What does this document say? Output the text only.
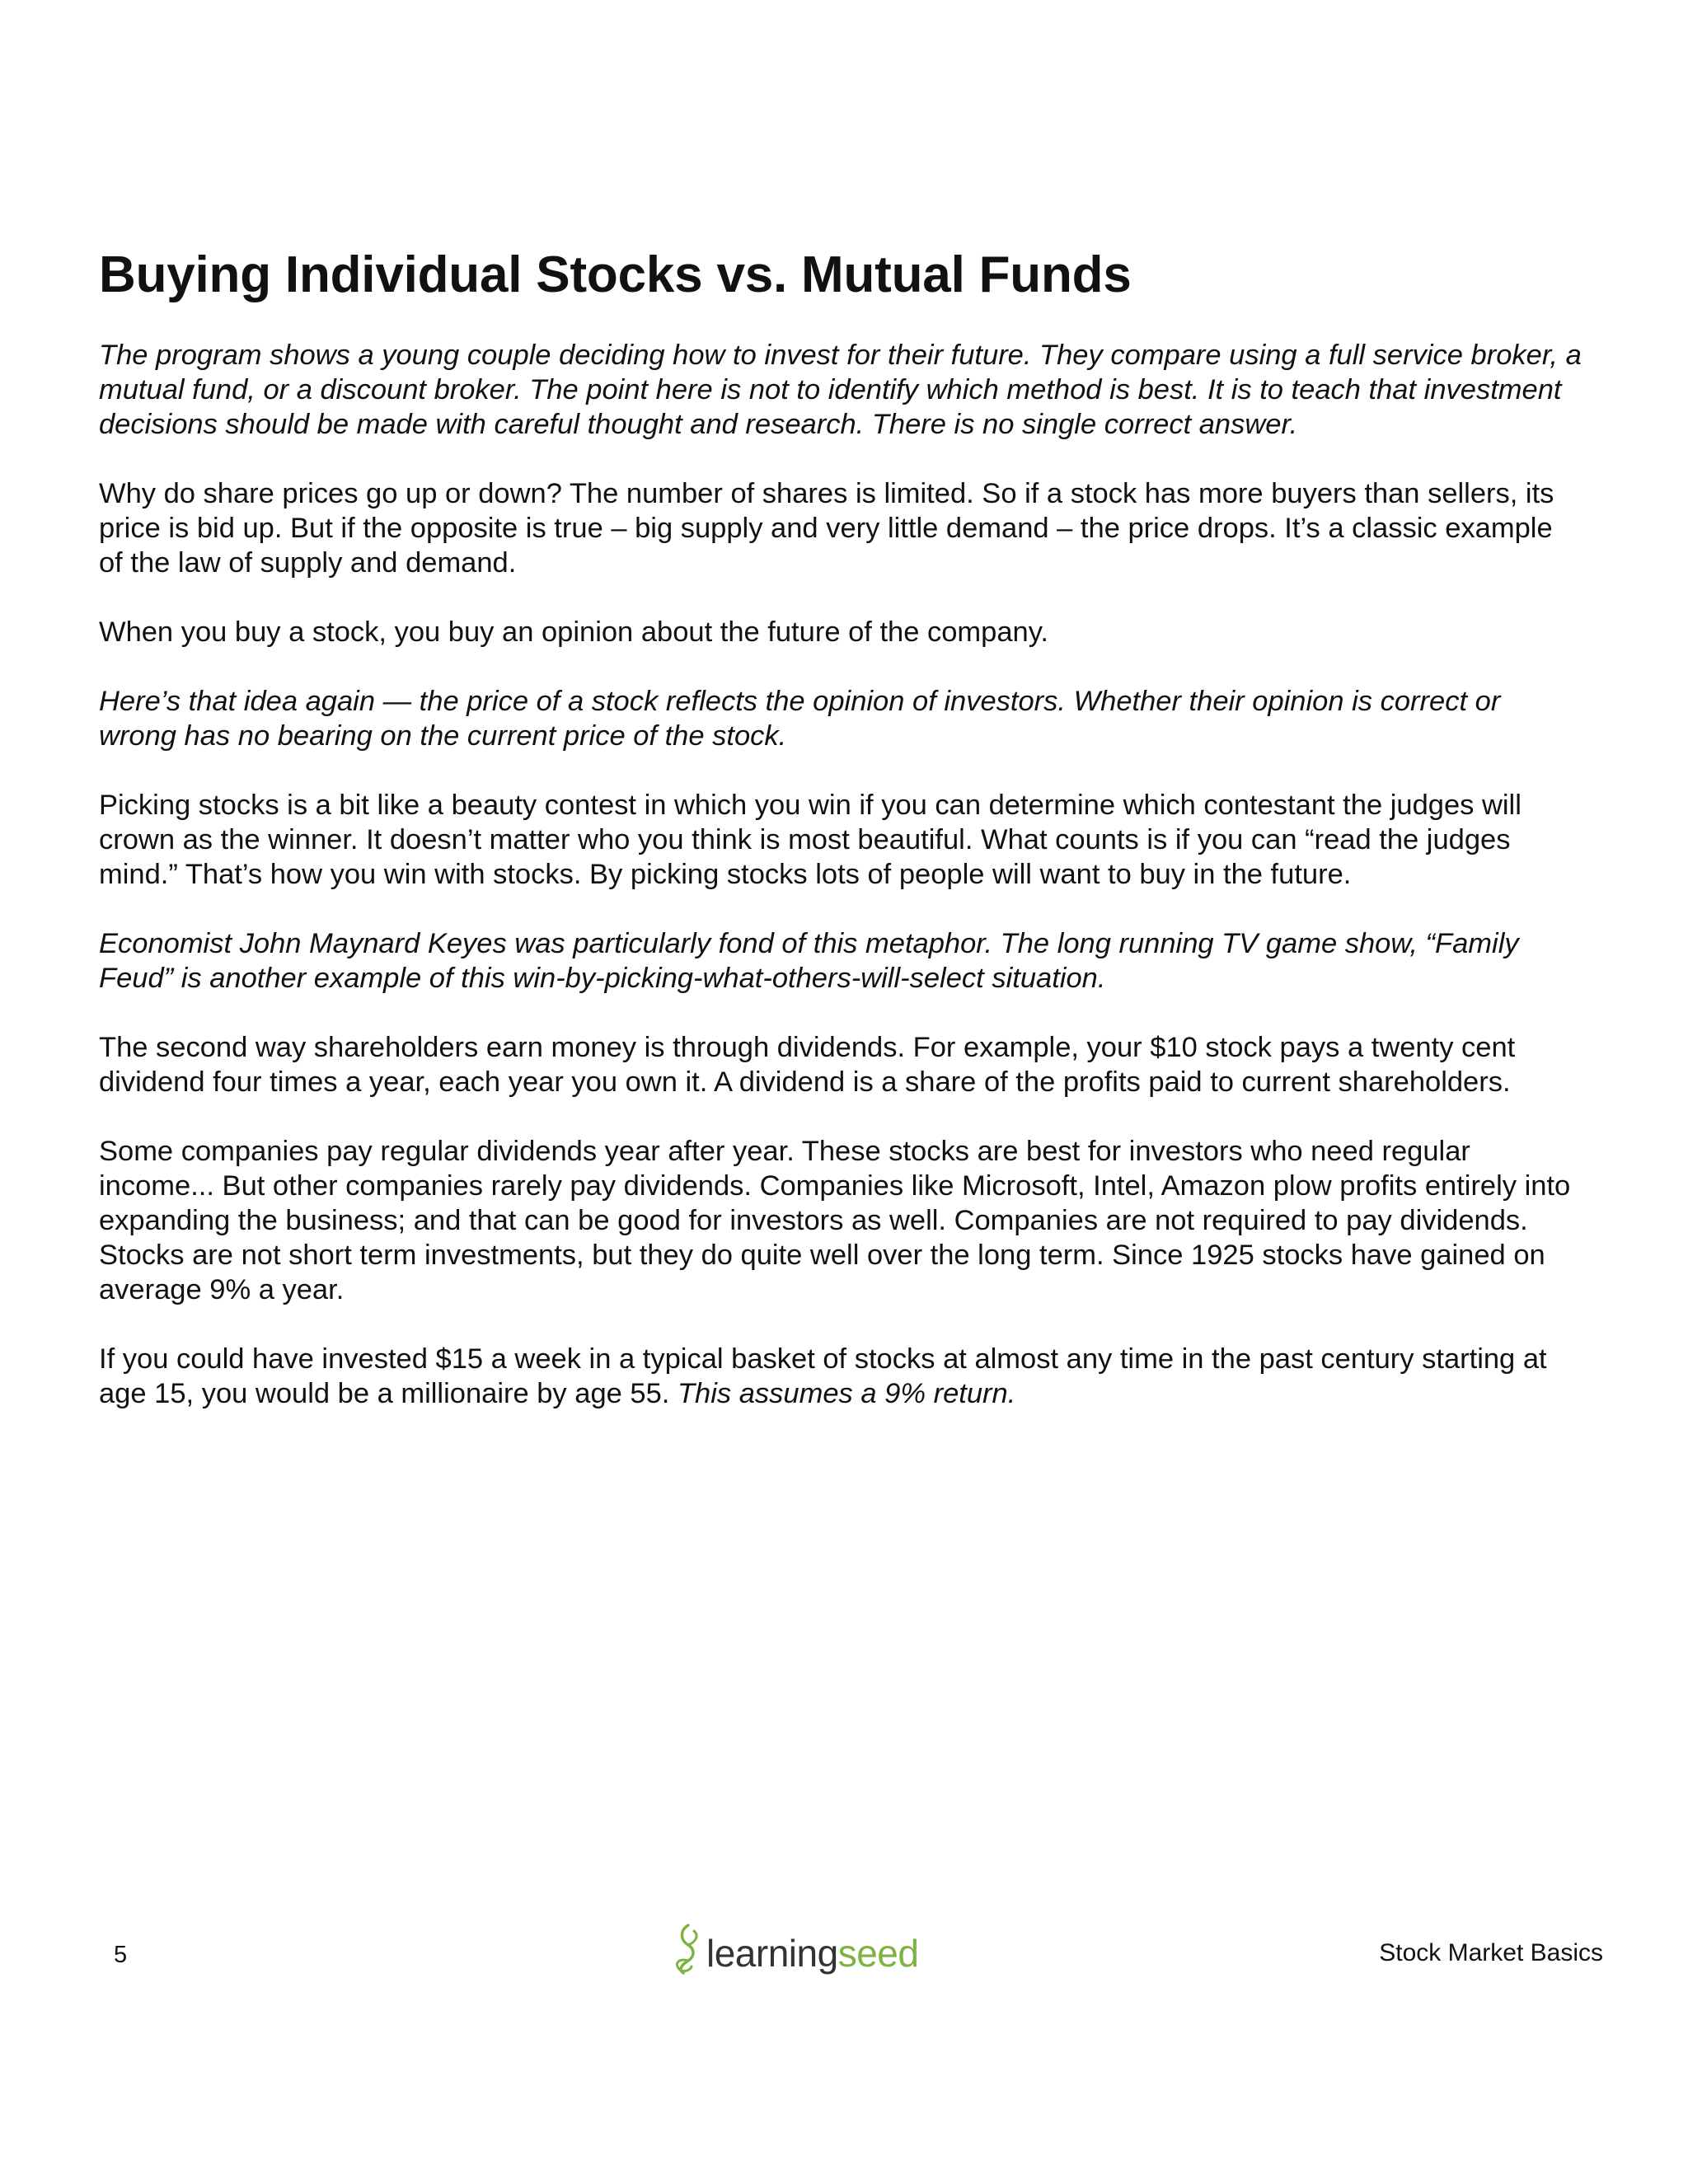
Buying Individual Stocks vs. Mutual Funds

The program shows a young couple deciding how to invest for their future. They compare using a full service broker, a mutual fund, or a discount broker. The point here is not to identify which method is best. It is to teach that investment decisions should be made with careful thought and research. There is no single correct answer.

Why do share prices go up or down? The number of shares is limited. So if a stock has more buyers than sellers, its price is bid up. But if the opposite is true – big supply and very little demand – the price drops. It’s a classic example of the law of supply and demand.

When you buy a stock, you buy an opinion about the future of the company.

Here’s that idea again — the price of a stock reflects the opinion of investors. Whether their opinion is correct or wrong has no bearing on the current price of the stock.

Picking stocks is a bit like a beauty contest in which you win if you can determine which contestant the judges will crown as the winner. It doesn’t matter who you think is most beautiful. What counts is if you can “read the judges mind.” That’s how you win with stocks. By picking stocks lots of people will want to buy in the future.

Economist John Maynard Keyes was particularly fond of this metaphor. The long running TV game show, “Family Feud” is another example of this win-by-picking-what-others-will-select situation.

The second way shareholders earn money is through dividends. For example, your $10 stock pays a twenty cent dividend four times a year, each year you own it. A dividend is a share of the profits paid to current shareholders.

Some companies pay regular dividends year after year. These stocks are best for investors who need regular income... But other companies rarely pay dividends. Companies like Microsoft, Intel, Amazon plow profits entirely into expanding the business; and that can be good for investors as well. Companies are not required to pay dividends. Stocks are not short term investments, but they do quite well over the long term. Since 1925 stocks have gained on average 9% a year.

If you could have invested $15 a week in a typical basket of stocks at almost any time in the past century starting at age 15, you would be a millionaire by age 55. This assumes a 9% return.

5	learningseed	Stock Market Basics
